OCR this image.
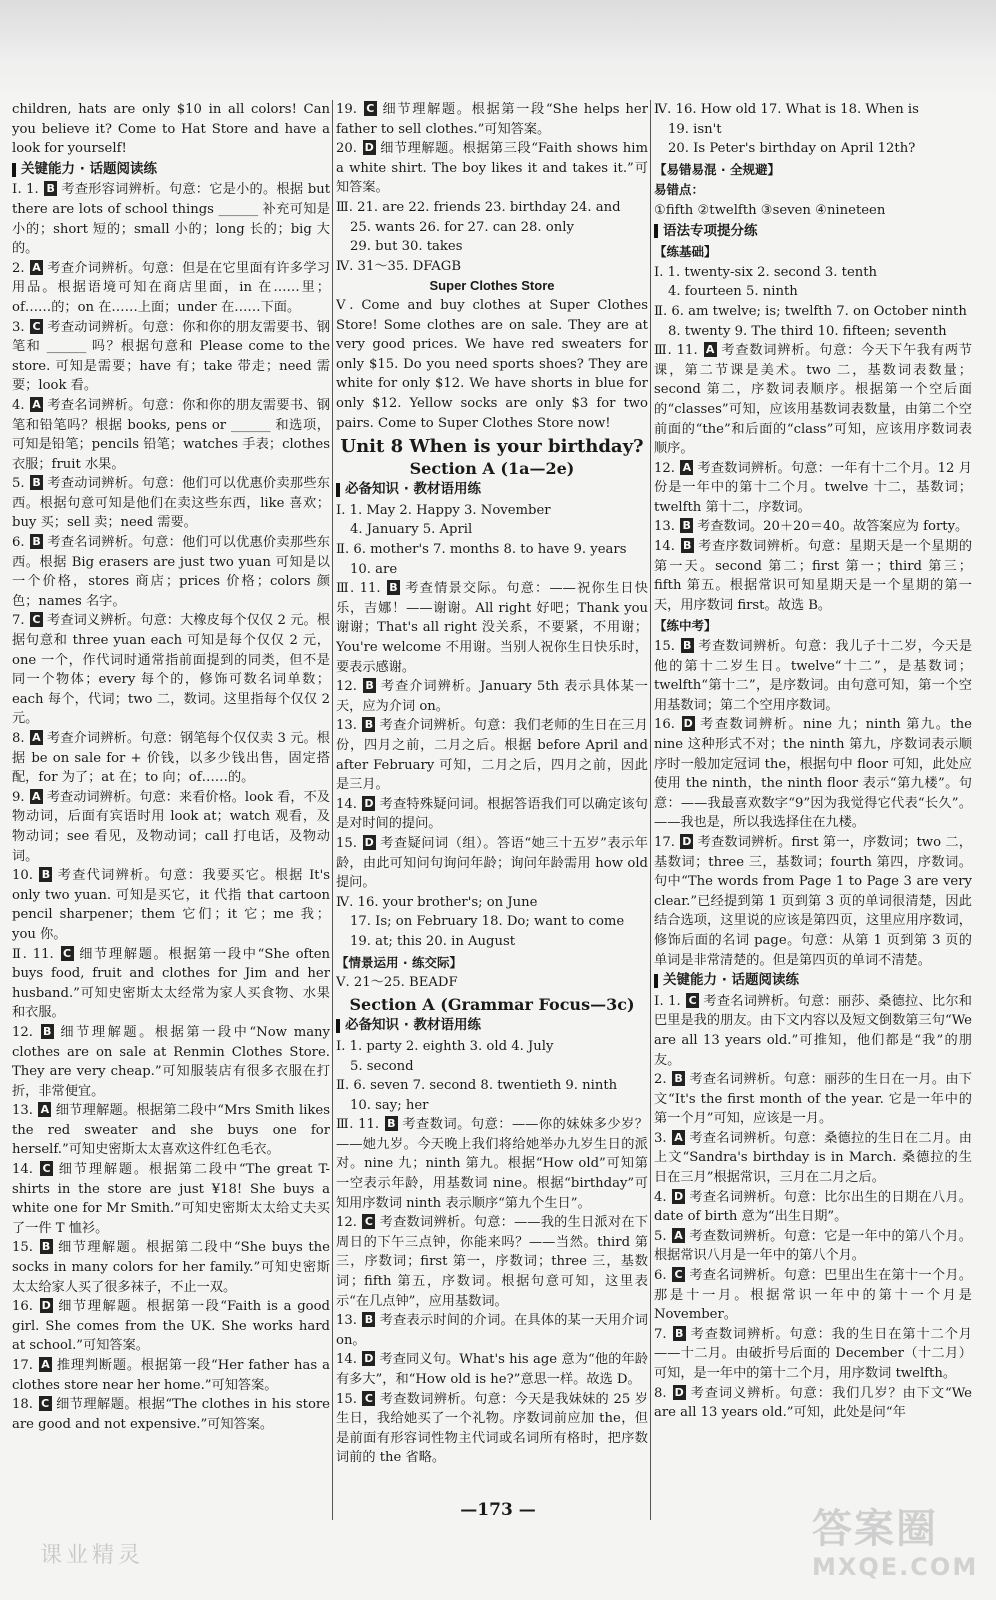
children, hats are only $10 in all colors! Can you believe it? Come to Hat Store and have a look for yourself!

关键能力 · 话题阅读练

Ⅰ. 1. B 考查形容词辨析。句意：它是小的。根据 but there are lots of school things ______ 补充可知是小的；short 短的；small 小的；long 长的；big 大的。

2. A 考查介词辨析。句意：但是在它里面有许多学习用品。根据语境可知在商店里面，in 在……里；of……的；on 在……上面；under 在……下面。

3. C 考查动词辨析。句意：你和你的朋友需要书、钢笔和 ______ 吗？根据句意和 Please come to the store. 可知是需要；have 有；take 带走；need 需要；look 看。

4. A 考查名词辨析。句意：你和你的朋友需要书、钢笔和铅笔吗？根据 books, pens or ______ 和选项，可知是铅笔；pencils 铅笔；watches 手表；clothes 衣服；fruit 水果。

5. B 考查动词辨析。句意：他们可以优惠价卖那些东西。根据句意可知是他们在卖这些东西，like 喜欢；buy 买；sell 卖；need 需要。

6. B 考查名词辨析。句意：他们可以优惠价卖那些东西。根据 Big erasers are just two yuan 可知是以一个价格，stores 商店；prices 价格；colors 颜色；names 名字。

7. C 考查词义辨析。句意：大橡皮每个仅仅 2 元。根据句意和 three yuan each 可知是每个仅仅 2 元，one 一个，作代词时通常指前面提到的同类，但不是同一个物体；every 每个的，修饰可数名词单数；each 每个，代词；two 二，数词。这里指每个仅仅 2 元。

8. A 考查介词辨析。句意：钢笔每个仅仅卖 3 元。根据 be on sale for + 价钱，以多少钱出售，固定搭配，for 为了；at 在；to 向；of……的。

9. A 考查动词辨析。句意：来看价格。look 看，不及物动词，后面有宾语时用 look at；watch 观看，及物动词；see 看见，及物动词；call 打电话，及物动词。

10. B 考查代词辨析。句意：我要买它。根据 It's only two yuan. 可知是买它，it 代指 that cartoon pencil sharpener；them 它们；it 它；me 我；you 你。

Ⅱ. 11. C 细节理解题。根据第一段中“She often buys food, fruit and clothes for Jim and her husband.”可知史密斯太太经常为家人买食物、水果和衣服。

12. B 细节理解题。根据第一段中“Now many clothes are on sale at Renmin Clothes Store. They are very cheap.”可知服装店有很多衣服在打折，非常便宜。

13. A 细节理解题。根据第二段中“Mrs Smith likes the red sweater and she buys one for herself.”可知史密斯太太喜欢这件红色毛衣。

14. C 细节理解题。根据第二段中“The great T-shirts in the store are just ¥18! She buys a white one for Mr Smith.”可知史密斯太太给丈夫买了一件 T 恤衫。

15. B 细节理解题。根据第二段中“She buys the socks in many colors for her family.”可知史密斯太太给家人买了很多袜子，不止一双。

16. D 细节理解题。根据第一段“Faith is a good girl. She comes from the UK. She works hard at school.”可知答案。

17. A 推理判断题。根据第一段“Her father has a clothes store near her home.”可知答案。

18. C 细节理解题。根据“The clothes in his store are good and not expensive.”可知答案。

19. C 细节理解题。根据第一段“She helps her father to sell clothes.”可知答案。

20. D 细节理解题。根据第三段“Faith shows him a white shirt. The boy likes it and takes it.”可知答案。

Ⅲ. 21. are 22. friends 23. birthday 24. and

25. wants 26. for 27. can 28. only

29. but 30. takes

Ⅳ. 31～35. DFAGB

Super Clothes Store

Ⅴ. Come and buy clothes at Super Clothes Store! Some clothes are on sale. They are at very good prices. We have red sweaters for only $15. Do you need sports shoes? They are white for only $12. We have shorts in blue for only $12. Yellow socks are only $3 for two pairs. Come to Super Clothes Store now!

Unit 8 When is your birthday?
Section A (1a—2e)
必备知识 · 教材语用练

Ⅰ. 1. May 2. Happy 3. November

4. January 5. April

Ⅱ. 6. mother's 7. months 8. to have 9. years

10. are

Ⅲ. 11. B 考查情景交际。句意：——祝你生日快乐，吉娜！——谢谢。All right 好吧；Thank you 谢谢；That's all right 没关系，不要紧，不用谢；You're welcome 不用谢。当别人祝你生日快乐时，要表示感谢。

12. B 考查介词辨析。January 5th 表示具体某一天，应为介词 on。

13. B 考查介词辨析。句意：我们老师的生日在三月份，四月之前，二月之后。根据 before April and after February 可知，二月之后，四月之前，因此是三月。

14. D 考查特殊疑问词。根据答语我们可以确定该句是对时间的提问。

15. D 考查疑问词（组）。答语“她三十五岁”表示年龄，由此可知问句询问年龄；询问年龄需用 how old 提问。

Ⅳ. 16. your brother's; on June

17. Is; on February 18. Do; want to come

19. at; this 20. in August

【情景运用 · 练交际】

Ⅴ. 21～25. BEADF

Section A (Grammar Focus—3c)
必备知识 · 教材语用练

Ⅰ. 1. party 2. eighth 3. old 4. July

5. second

Ⅱ. 6. seven 7. second 8. twentieth 9. ninth

10. say; her

Ⅲ. 11. B 考查数词。句意：——你的妹妹多少岁？——她九岁。今天晚上我们将给她举办九岁生日的派对。nine 九；ninth 第九。根据“How old”可知第一空表示年龄，用基数词 nine。根据“birthday”可知用序数词 ninth 表示顺序“第九个生日”。

12. C 考查数词辨析。句意：——我的生日派对在下周日的下午三点钟，你能来吗？——当然。third 第三，序数词；first 第一，序数词；three 三，基数词；fifth 第五，序数词。根据句意可知，这里表示“在几点钟”，应用基数词。

13. B 考查表示时间的介词。在具体的某一天用介词 on。

14. D 考查同义句。What's his age 意为“他的年龄有多大”，和“How old is he?”意思一样。故选 D。

15. C 考查数词辨析。句意：今天是我妹妹的 25 岁生日，我给她买了一个礼物。序数词前应加 the，但是前面有形容词性物主代词或名词所有格时，把序数词前的 the 省略。

Ⅳ. 16. How old 17. What is 18. When is

19. isn't

20. Is Peter's birthday on April 12th?

【易错易混 · 全规避】
易错点：

①fifth ②twelfth ③seven ④nineteen

语法专项提分练
【练基础】

Ⅰ. 1. twenty-six 2. second 3. tenth

4. fourteen 5. ninth

Ⅱ. 6. am twelve; is; twelfth 7. on October ninth

8. twenty 9. The third 10. fifteen; seventh

Ⅲ. 11. A 考查数词辨析。句意：今天下午我有两节课，第二节课是美术。two 二，基数词表数量；second 第二，序数词表顺序。根据第一个空后面的“classes”可知，应该用基数词表数量，由第二个空前面的“the”和后面的“class”可知，应该用序数词表顺序。

12. A 考查数词辨析。句意：一年有十二个月。12 月份是一年中的第十二个月。twelve 十二，基数词；twelfth 第十二，序数词。

13. B 考查数词。20＋20＝40。故答案应为 forty。

14. B 考查序数词辨析。句意：星期天是一个星期的第一天。second 第二；first 第一；third 第三；fifth 第五。根据常识可知星期天是一个星期的第一天，用序数词 first。故选 B。

【练中考】

15. B 考查数词辨析。句意：我儿子十二岁，今天是他的第十二岁生日。twelve“十二”，是基数词；twelfth“第十二”，是序数词。由句意可知，第一个空用基数词；第二个空用序数词。

16. D 考查数词辨析。nine 九；ninth 第九。the nine 这种形式不对；the ninth 第九，序数词表示顺序时一般加定冠词 the，根据句中 floor 可知，此处应使用 the ninth，the ninth floor 表示“第九楼”。句意：——我最喜欢数字“9”因为我觉得它代表“长久”。——我也是，所以我选择住在九楼。

17. D 考查数词辨析。first 第一，序数词；two 二，基数词；three 三，基数词；fourth 第四，序数词。句中“The words from Page 1 to Page 3 are very clear.”已经提到第 1 页到第 3 页的单词很清楚，因此结合选项，这里说的应该是第四页，这里应用序数词，修饰后面的名词 page。句意：从第 1 页到第 3 页的单词是非常清楚的。但是第四页的单词不清楚。

关键能力 · 话题阅读练

Ⅰ. 1. C 考查名词辨析。句意：丽莎、桑德拉、比尔和巴里是我的朋友。由下文内容以及短文倒数第三句“We are all 13 years old.”可推知，他们都是“我”的朋友。

2. B 考查名词辨析。句意：丽莎的生日在一月。由下文“It's the first month of the year. 它是一年中的第一个月”可知，应该是一月。

3. A 考查名词辨析。句意：桑德拉的生日在二月。由上文“Sandra's birthday is in March. 桑德拉的生日在三月”根据常识，三月在二月之后。

4. D 考查名词辨析。句意：比尔出生的日期在八月。date of birth 意为“出生日期”。

5. A 考查数词辨析。句意：它是一年中的第八个月。根据常识八月是一年中的第八个月。

6. C 考查名词辨析。句意：巴里出生在第十一个月。那是十一月。根据常识一年中的第十一个月是 November。

7. B 考查数词辨析。句意：我的生日在第十二个月——十二月。由破折号后面的 December（十二月）可知，是一年中的第十二个月，用序数词 twelfth。

8. D 考查词义辨析。句意：我们几岁？由下文“We are all 13 years old.”可知，此处是问“年

—173 —
课业精灵
答案圈
MXQE.COM
